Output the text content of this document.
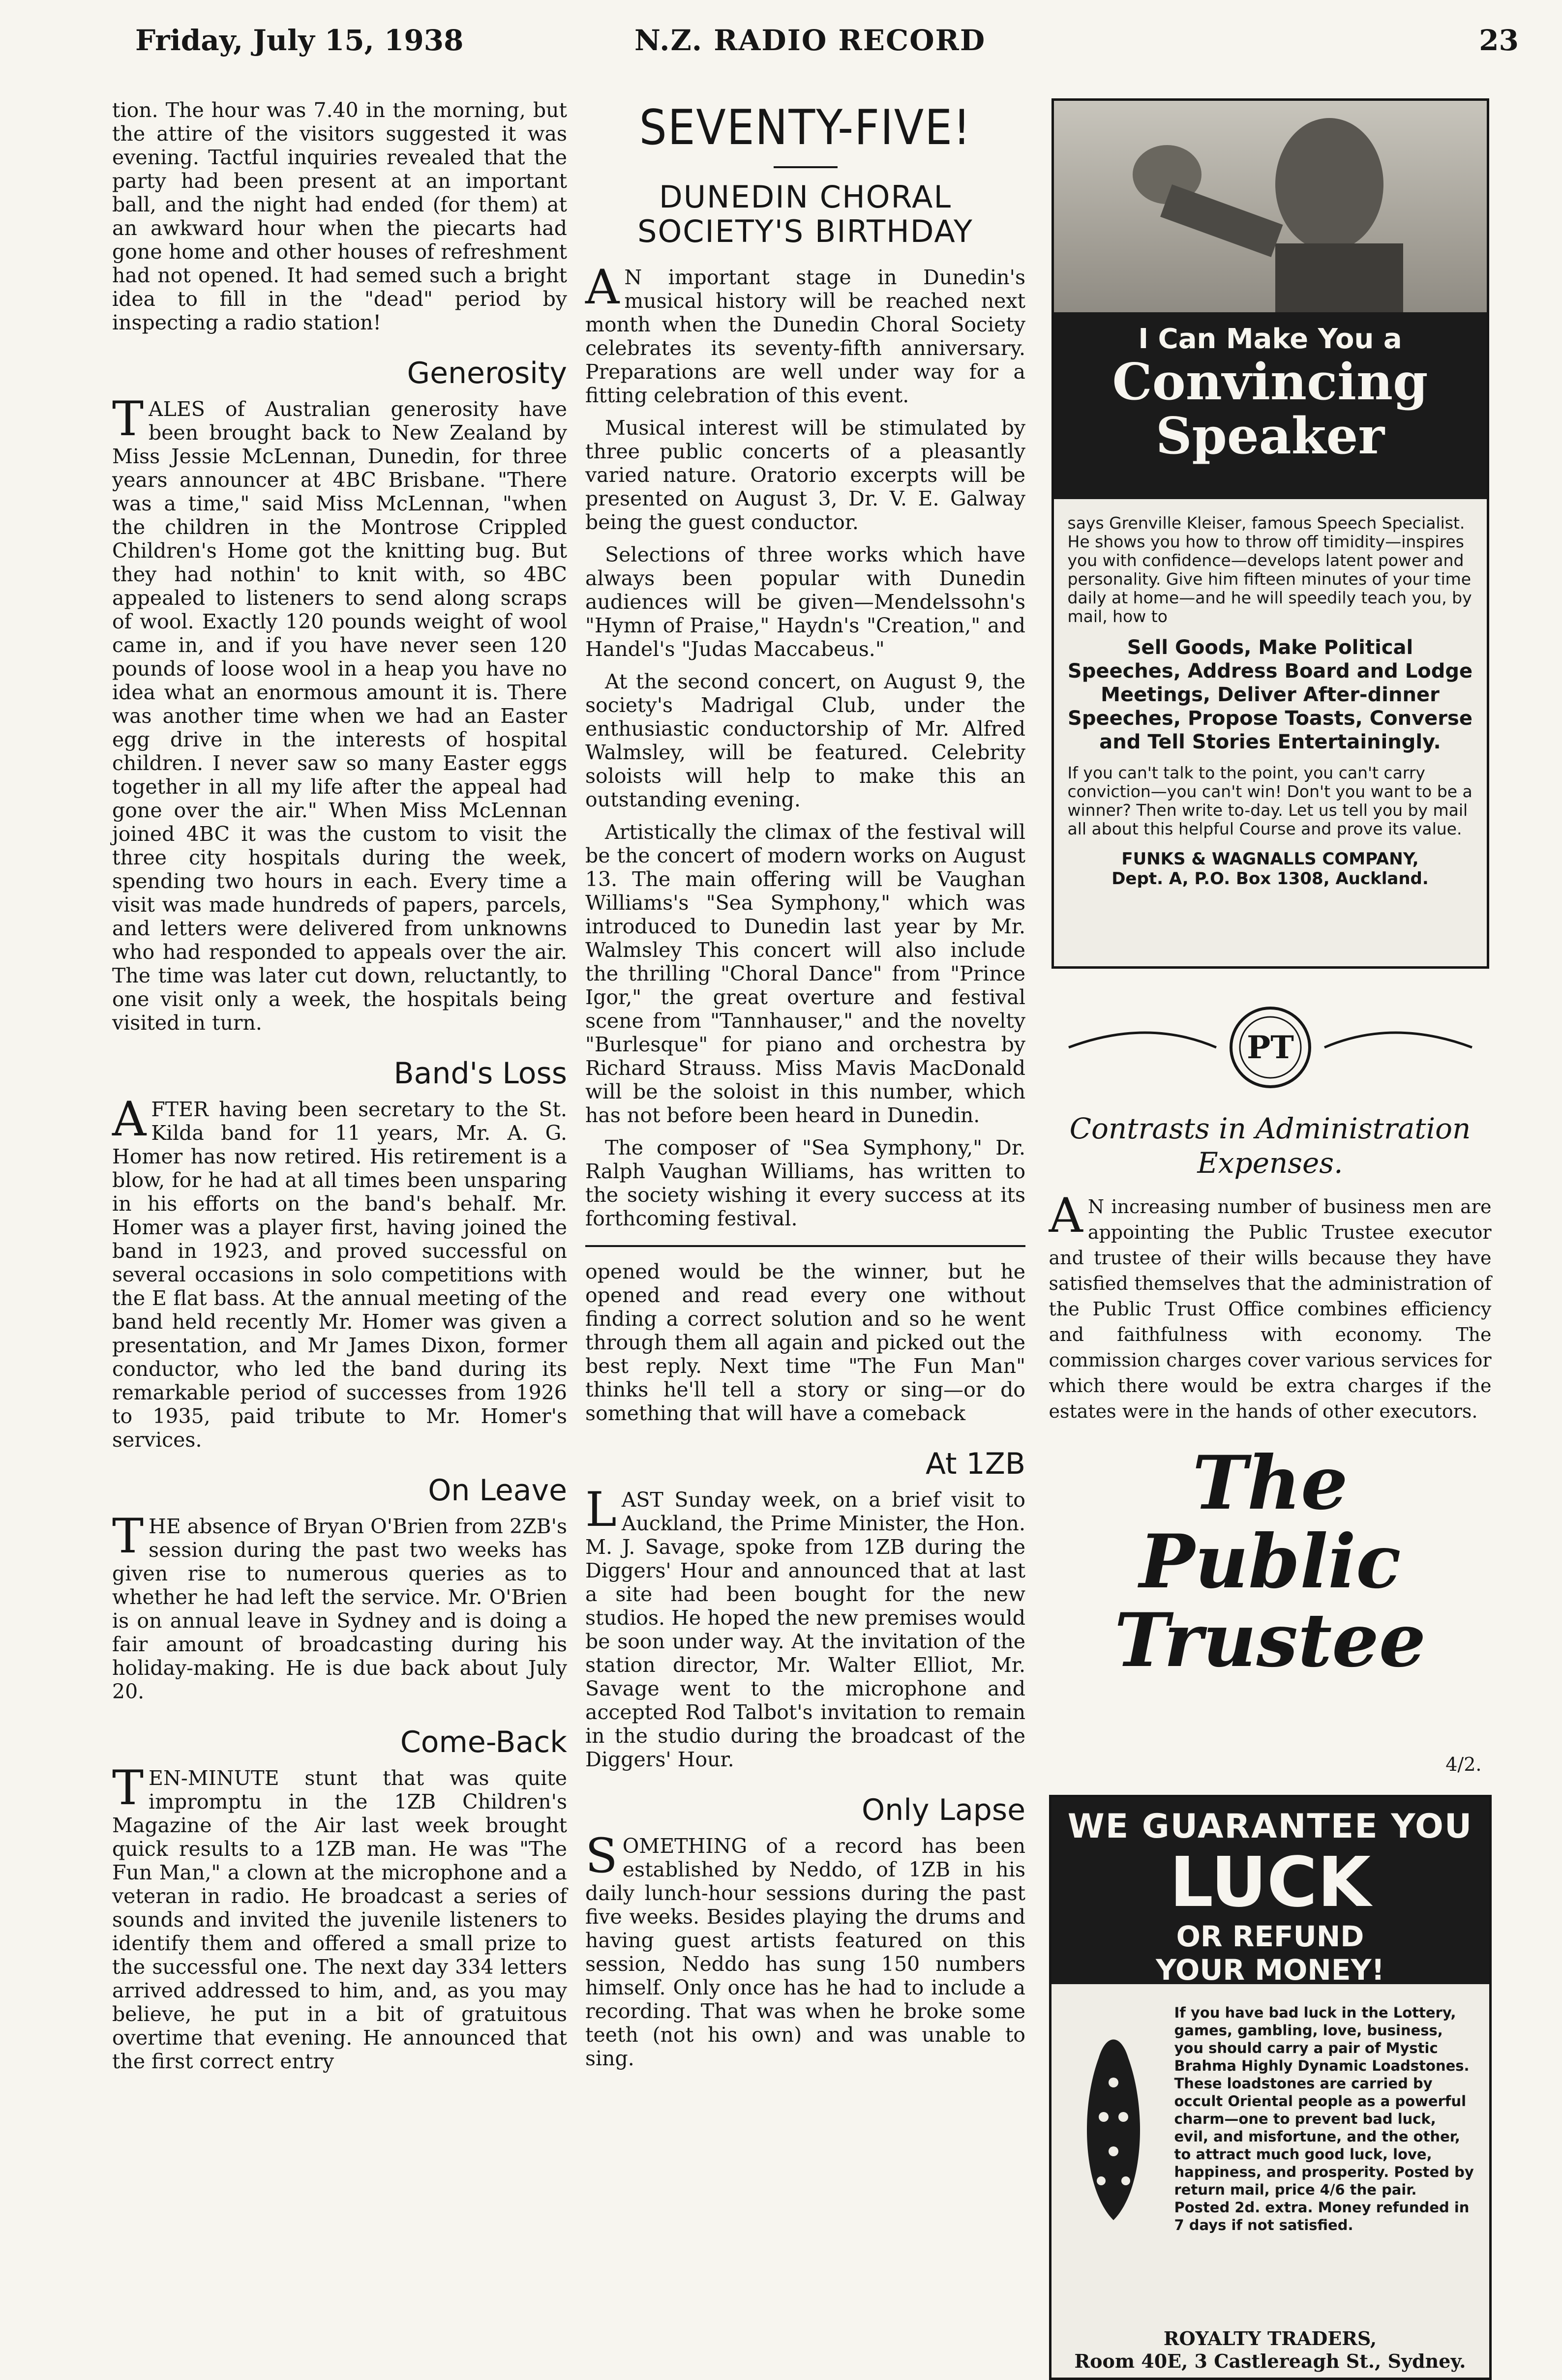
Friday, July 15, 1938	N.Z. RADIO RECORD	23

tion. The hour was 7.40 in the morning, but the attire of the visitors suggested it was evening. Tactful inquiries revealed that the party had been present at an important ball, and the night had ended (for them) at an awkward hour when the piecarts had gone home and other houses of refreshment had not opened. It had semed such a bright idea to fill in the "dead" period by inspecting a radio station!

Generosity

TALES of Australian generosity have been brought back to New Zealand by Miss Jessie McLennan, Dunedin, for three years announcer at 4BC Brisbane. "There was a time," said Miss McLennan, "when the children in the Montrose Crippled Children's Home got the knitting bug. But they had nothin' to knit with, so 4BC appealed to listeners to send along scraps of wool. Exactly 120 pounds weight of wool came in, and if you have never seen 120 pounds of loose wool in a heap you have no idea what an enormous amount it is. There was another time when we had an Easter egg drive in the interests of hospital children. I never saw so many Easter eggs together in all my life after the appeal had gone over the air." When Miss McLennan joined 4BC it was the custom to visit the three city hospitals during the week, spending two hours in each. Every time a visit was made hundreds of papers, parcels, and letters were delivered from unknowns who had responded to appeals over the air. The time was later cut down, reluctantly, to one visit only a week, the hospitals being visited in turn.

Band's Loss

AFTER having been secretary to the St. Kilda band for 11 years, Mr. A. G. Homer has now retired. His retirement is a blow, for he had at all times been unsparing in his efforts on the band's behalf. Mr. Homer was a player first, having joined the band in 1923, and proved successful on several occasions in solo competitions with the E flat bass. At the annual meeting of the band held recently Mr. Homer was given a presentation, and Mr James Dixon, former conductor, who led the band during its remarkable period of successes from 1926 to 1935, paid tribute to Mr. Homer's services.

On Leave

THE absence of Bryan O'Brien from 2ZB's session during the past two weeks has given rise to numerous queries as to whether he had left the service. Mr. O'Brien is on annual leave in Sydney and is doing a fair amount of broadcasting during his holiday-making. He is due back about July 20.

Come-Back

TEN-MINUTE stunt that was quite impromptu in the 1ZB Children's Magazine of the Air last week brought quick results to a 1ZB man. He was "The Fun Man," a clown at the microphone and a veteran in radio. He broadcast a series of sounds and invited the juvenile listeners to identify them and offered a small prize to the successful one. The next day 334 letters arrived addressed to him, and, as you may believe, he put in a bit of gratuitous overtime that evening. He announced that the first correct entry

SEVENTY-FIVE!
DUNEDIN CHORAL
SOCIETY'S BIRTHDAY

AN important stage in Dunedin's musical history will be reached next month when the Dunedin Choral Society celebrates its seventy-fifth anniversary. Preparations are well under way for a fitting celebration of this event.

Musical interest will be stimulated by three public concerts of a pleasantly varied nature. Oratorio excerpts will be presented on August 3, Dr. V. E. Galway being the guest conductor.

Selections of three works which have always been popular with Dunedin audiences will be given—Mendelssohn's "Hymn of Praise," Haydn's "Creation," and Handel's "Judas Maccabeus."

At the second concert, on August 9, the society's Madrigal Club, under the enthusiastic conductorship of Mr. Alfred Walmsley, will be featured. Celebrity soloists will help to make this an outstanding evening.

Artistically the climax of the festival will be the concert of modern works on August 13. The main offering will be Vaughan Williams's "Sea Symphony," which was introduced to Dunedin last year by Mr. Walmsley This concert will also include the thrilling "Choral Dance" from "Prince Igor," the great overture and festival scene from "Tannhauser," and the novelty "Burlesque" for piano and orchestra by Richard Strauss. Miss Mavis MacDonald will be the soloist in this number, which has not before been heard in Dunedin.

The composer of "Sea Symphony," Dr. Ralph Vaughan Williams, has written to the society wishing it every success at its forthcoming festival.

opened would be the winner, but he opened and read every one without finding a correct solution and so he went through them all again and picked out the best reply. Next time "The Fun Man" thinks he'll tell a story or sing—or do something that will have a comeback

At 1ZB

LAST Sunday week, on a brief visit to Auckland, the Prime Minister, the Hon. M. J. Savage, spoke from 1ZB during the Diggers' Hour and announced that at last a site had been bought for the new studios. He hoped the new premises would be soon under way. At the invitation of the station director, Mr. Walter Elliot, Mr. Savage went to the microphone and accepted Rod Talbot's invitation to remain in the studio during the broadcast of the Diggers' Hour.

Only Lapse

SOMETHING of a record has been established by Neddo, of 1ZB in his daily lunch-hour sessions during the past five weeks. Besides playing the drums and having guest artists featured on this session, Neddo has sung 150 numbers himself. Only once has he had to include a recording. That was when he broke some teeth (not his own) and was unable to sing.

I Can Make You a
Convincing
Speaker
says Grenville Kleiser, famous Speech Specialist. He shows you how to throw off timidity—inspires you with confidence—develops latent power and personality. Give him fifteen minutes of your time daily at home—and he will speedily teach you, by mail, how to
Sell Goods, Make Political Speeches, Address Board and Lodge Meetings, Deliver After-dinner Speeches, Propose Toasts, Converse and Tell Stories Entertainingly.
If you can't talk to the point, you can't carry conviction—you can't win! Don't you want to be a winner? Then write to-day. Let us tell you by mail all about this helpful Course and prove its value.
FUNKS & WAGNALLS COMPANY,
Dept. A, P.O. Box 1308, Auckland.
PT
Contrasts in Administration Expenses.

AN increasing number of business men are appointing the Public Trustee executor and trustee of their wills because they have satisfied themselves that the administration of the Public Trust Office combines efficiency and faithfulness with economy. The commission charges cover various services for which there would be extra charges if the estates were in the hands of other executors.

The Public
Trustee
4/2.
WE GUARANTEE YOU
LUCK
OR REFUND
YOUR MONEY!
If you have bad luck in the Lottery, games, gambling, love, business, you should carry a pair of Mystic Brahma Highly Dynamic Loadstones. These loadstones are carried by occult Oriental people as a powerful charm—one to prevent bad luck, evil, and misfortune, and the other, to attract much good luck, love, happiness, and prosperity. Posted by return mail, price 4/6 the pair. Posted 2d. extra. Money refunded in 7 days if not satisfied.
ROYALTY TRADERS,
Room 40E, 3 Castlereagh St., Sydney.
